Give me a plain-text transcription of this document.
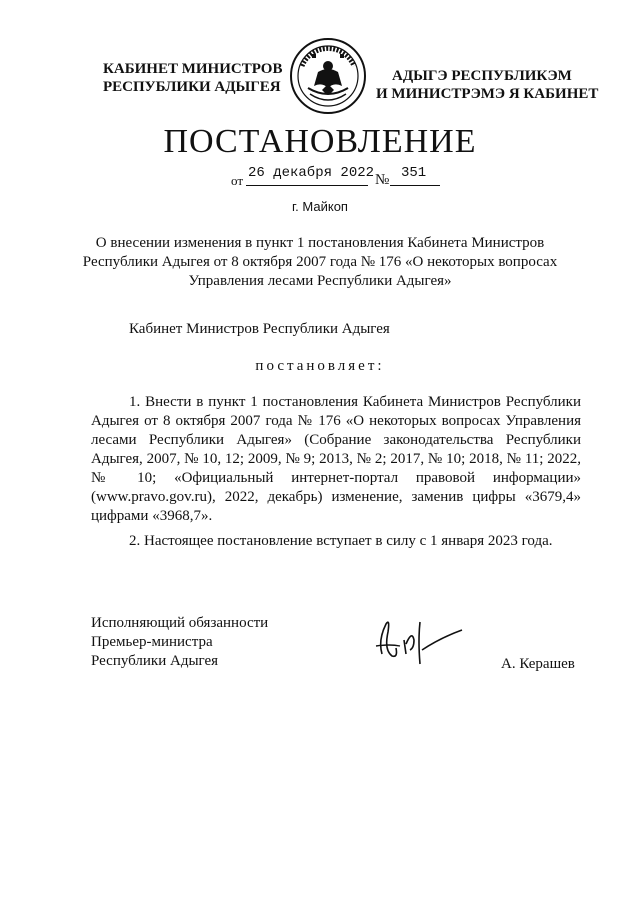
КАБИНЕТ МИНИСТРОВ
РЕСПУБЛИКИ АДЫГЕЯ
АДЫГЭ РЕСПУБЛИКЭМ
И МИНИСТРЭМЭ Я КАБИНЕТ
ПОСТАНОВЛЕНИЕ
от 26 декабря 2022 № 351
г. Майкоп
О внесении изменения в пункт 1 постановления Кабинета Министров
Республики Адыгея от 8 октября 2007 года № 176 «О некоторых вопросах
Управления лесами Республики Адыгея»
Кабинет Министров Республики Адыгея
постановляет:
1. Внести в пункт 1 постановления Кабинета Министров Республики Адыгея от 8 октября 2007 года № 176 «О некоторых вопросах Управления лесами Республики Адыгея» (Собрание законодательства Республики Адыгея, 2007, № 10, 12; 2009, № 9; 2013, № 2; 2017, № 10; 2018, № 11; 2022, № 10; «Официальный интернет-портал правовой информации» (www.pravo.gov.ru), 2022, декабрь) изменение, заменив цифры «3679,4» цифрами «3968,7».
2. Настоящее постановление вступает в силу с 1 января 2023 года.
Исполняющий обязанности
Премьер-министра
Республики Адыгея	А. Керашев
